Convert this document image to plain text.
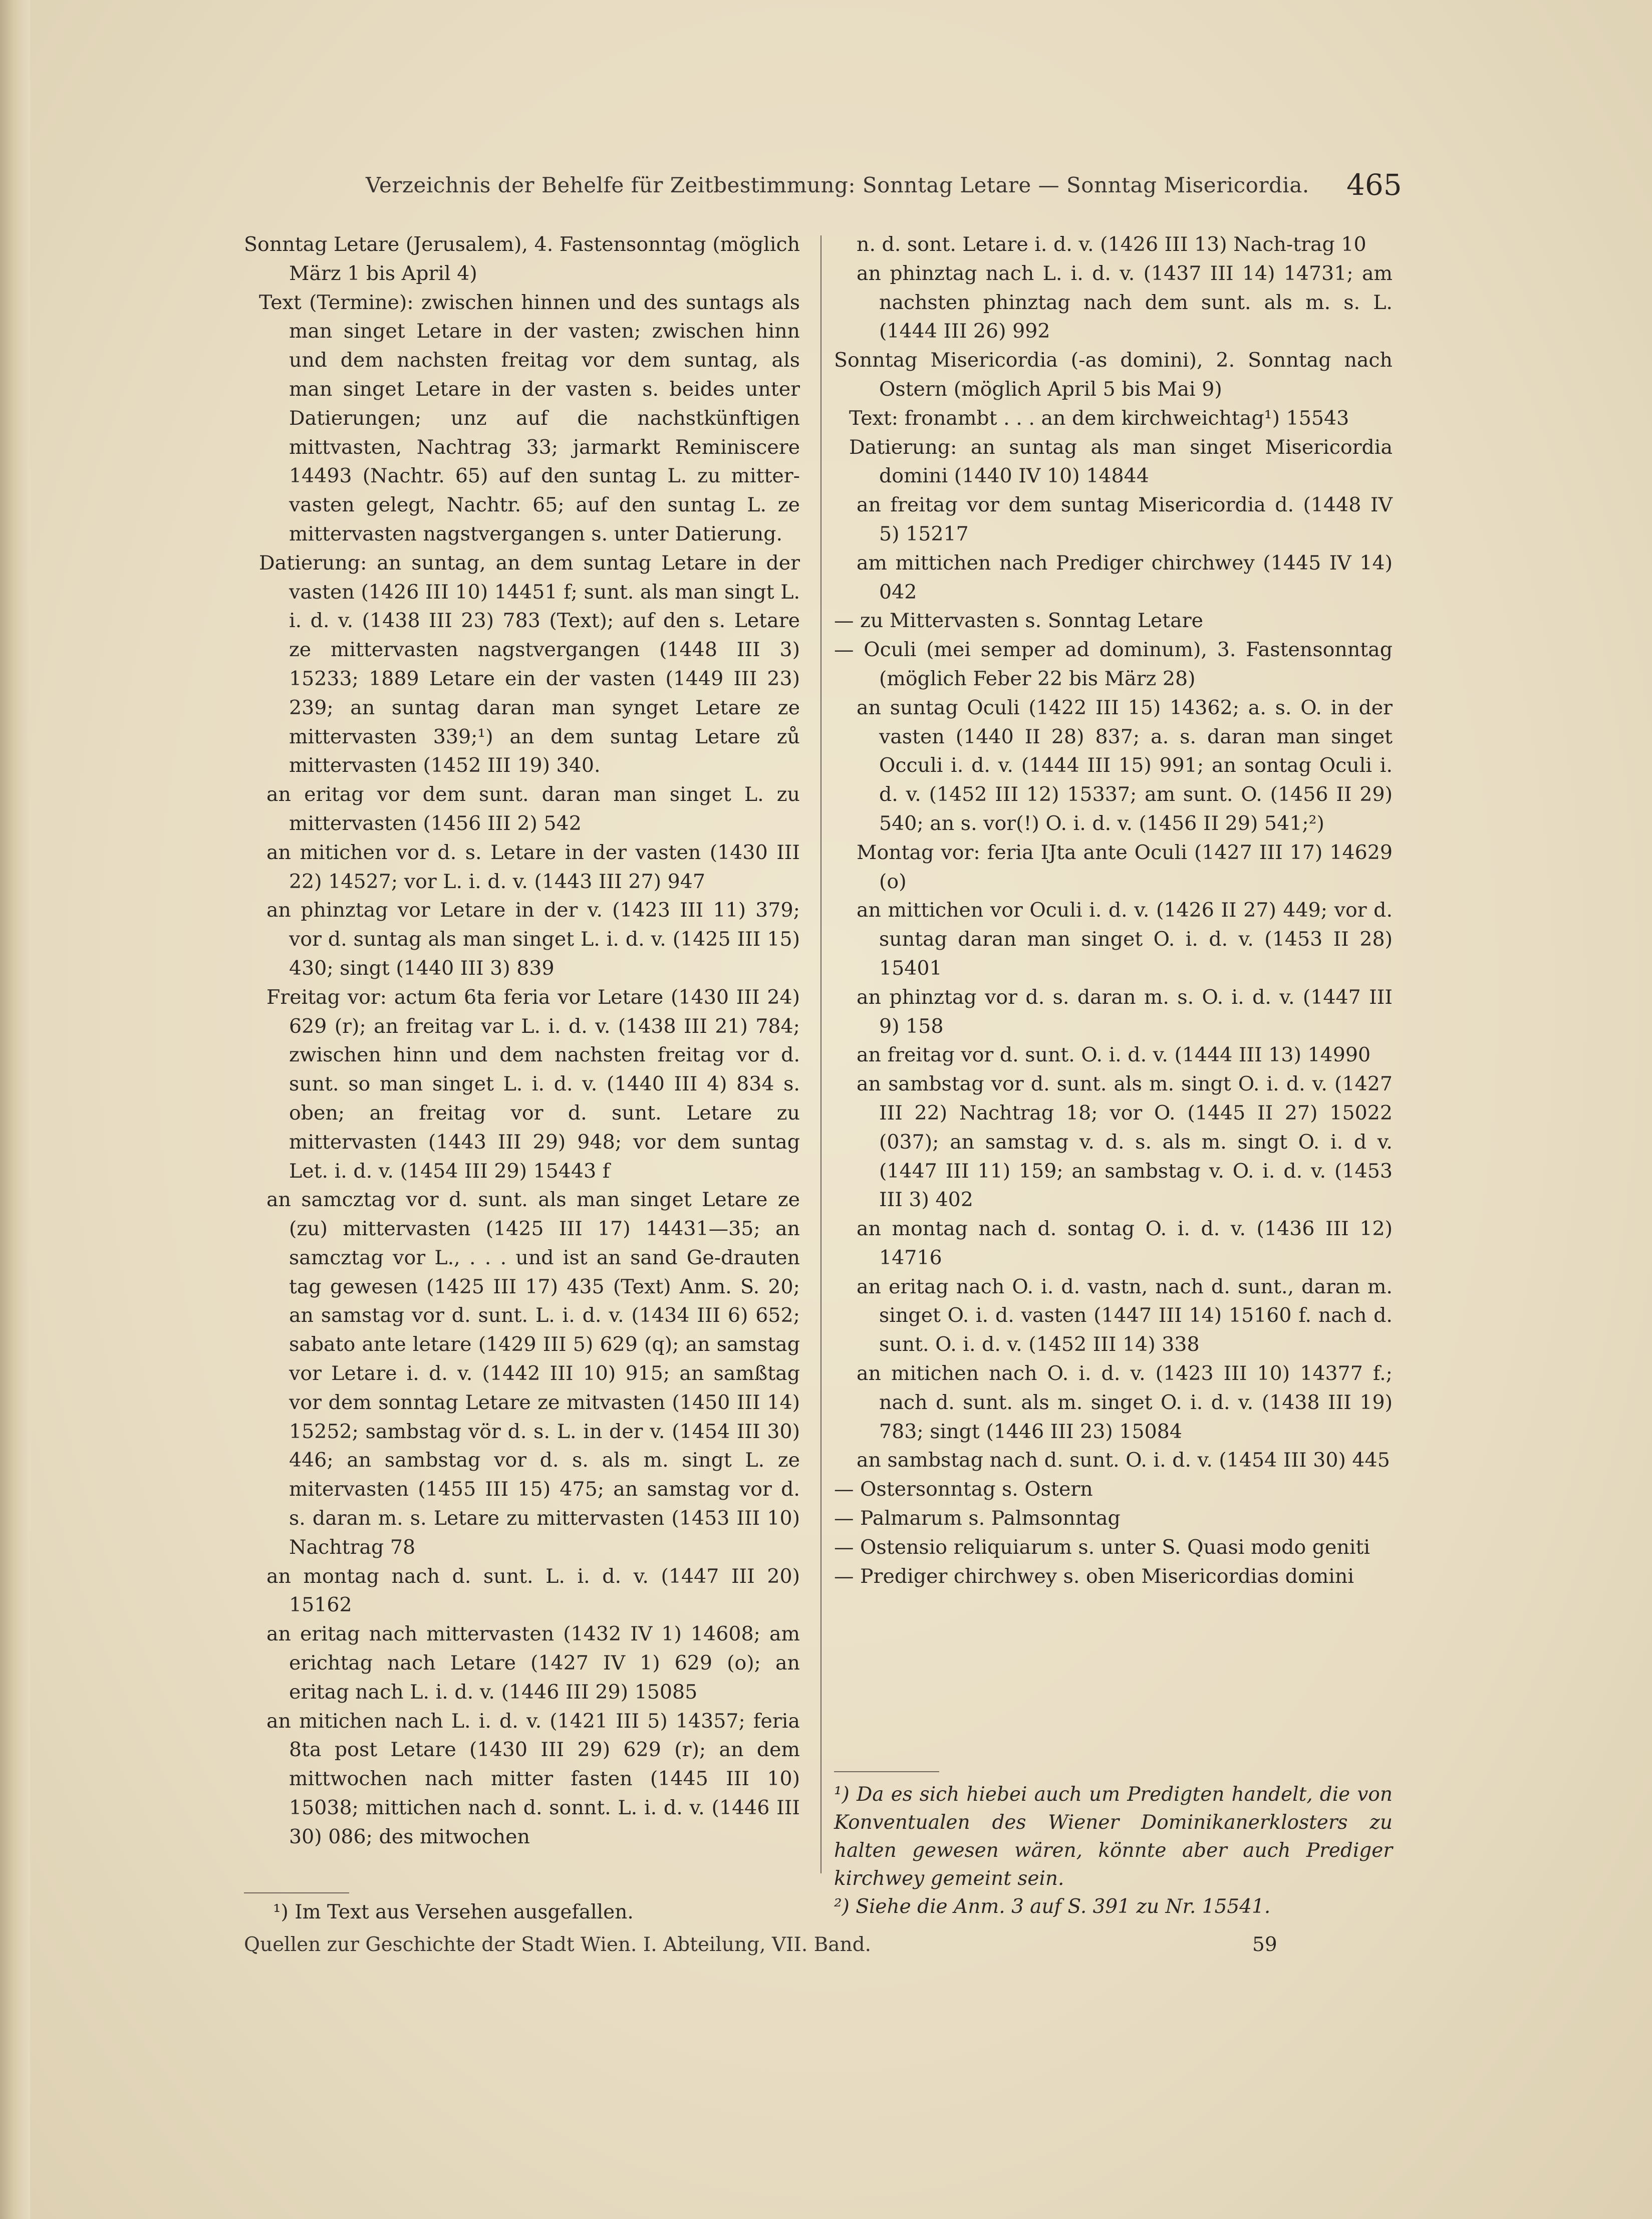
Verzeichnis der Behelfe für Zeitbestimmung: Sonntag Letare — Sonntag Misericordia.	465

Sonntag Letare (Jerusalem), 4. Fastensonntag (möglich März 1 bis April 4)

Text (Termine): zwischen hinnen und des suntags als man singet Letare in der vasten; zwischen hinn und dem nachsten freitag vor dem suntag, als man singet Letare in der vasten s. beides unter Datierungen; unz auf die nachstkünftigen mittvasten, Nachtrag 33; jarmarkt Reminiscere 14493 (Nachtr. 65) auf den suntag L. zu mitter-vasten gelegt, Nachtr. 65; auf den suntag L. ze mittervasten nagstvergangen s. unter Datierung.

Datierung: an suntag, an dem suntag Letare in der vasten (1426 III 10) 14451 f; sunt. als man singt L. i. d. v. (1438 III 23) 783 (Text); auf den s. Letare ze mittervasten nagstvergangen (1448 III 3) 15233; 1889 Letare ein der vasten (1449 III 23) 239; an suntag daran man synget Letare ze mittervasten 339;¹) an dem suntag Letare zů mittervasten (1452 III 19) 340.

an eritag vor dem sunt. daran man singet L. zu mittervasten (1456 III 2) 542

an mitichen vor d. s. Letare in der vasten (1430 III 22) 14527; vor L. i. d. v. (1443 III 27) 947

an phinztag vor Letare in der v. (1423 III 11) 379; vor d. suntag als man singet L. i. d. v. (1425 III 15) 430; singt (1440 III 3) 839

Freitag vor: actum 6ta feria vor Letare (1430 III 24) 629 (r); an freitag var L. i. d. v. (1438 III 21) 784; zwischen hinn und dem nachsten freitag vor d. sunt. so man singet L. i. d. v. (1440 III 4) 834 s. oben; an freitag vor d. sunt. Letare zu mittervasten (1443 III 29) 948; vor dem suntag Let. i. d. v. (1454 III 29) 15443 f

an samcztag vor d. sunt. als man singet Letare ze (zu) mittervasten (1425 III 17) 14431—35; an samcztag vor L., . . . und ist an sand Ge-drauten tag gewesen (1425 III 17) 435 (Text) Anm. S. 20; an samstag vor d. sunt. L. i. d. v. (1434 III 6) 652; sabato ante letare (1429 III 5) 629 (q); an samstag vor Letare i. d. v. (1442 III 10) 915; an samßtag vor dem sonntag Letare ze mitvasten (1450 III 14) 15252; sambstag vör d. s. L. in der v. (1454 III 30) 446; an sambstag vor d. s. als m. singt L. ze mitervasten (1455 III 15) 475; an samstag vor d. s. daran m. s. Letare zu mittervasten (1453 III 10) Nachtrag 78

an montag nach d. sunt. L. i. d. v. (1447 III 20) 15162

an eritag nach mittervasten (1432 IV 1) 14608; am erichtag nach Letare (1427 IV 1) 629 (o); an eritag nach L. i. d. v. (1446 III 29) 15085

an mitichen nach L. i. d. v. (1421 III 5) 14357; feria 8ta post Letare (1430 III 29) 629 (r); an dem mittwochen nach mitter fasten (1445 III 10) 15038; mittichen nach d. sonnt. L. i. d. v. (1446 III 30) 086; des mitwochen

n. d. sont. Letare i. d. v. (1426 III 13) Nach-trag 10

an phinztag nach L. i. d. v. (1437 III 14) 14731; am nachsten phinztag nach dem sunt. als m. s. L. (1444 III 26) 992

Sonntag Misericordia (-as domini), 2. Sonntag nach Ostern (möglich April 5 bis Mai 9)

Text: fronambt . . . an dem kirchweichtag¹) 15543

Datierung: an suntag als man singet Misericordia domini (1440 IV 10) 14844

an freitag vor dem suntag Misericordia d. (1448 IV 5) 15217

am mittichen nach Prediger chirchwey (1445 IV 14) 042

— zu Mittervasten s. Sonntag Letare

— Oculi (mei semper ad dominum), 3. Fastensonntag (möglich Feber 22 bis März 28)

an suntag Oculi (1422 III 15) 14362; a. s. O. in der vasten (1440 II 28) 837; a. s. daran man singet Occuli i. d. v. (1444 III 15) 991; an sontag Oculi i. d. v. (1452 III 12) 15337; am sunt. O. (1456 II 29) 540; an s. vor(!) O. i. d. v. (1456 II 29) 541;²)

Montag vor: feria IJta ante Oculi (1427 III 17) 14629 (o)

an mittichen vor Oculi i. d. v. (1426 II 27) 449; vor d. suntag daran man singet O. i. d. v. (1453 II 28) 15401

an phinztag vor d. s. daran m. s. O. i. d. v. (1447 III 9) 158

an freitag vor d. sunt. O. i. d. v. (1444 III 13) 14990

an sambstag vor d. sunt. als m. singt O. i. d. v. (1427 III 22) Nachtrag 18; vor O. (1445 II 27) 15022 (037); an samstag v. d. s. als m. singt O. i. d v. (1447 III 11) 159; an sambstag v. O. i. d. v. (1453 III 3) 402

an montag nach d. sontag O. i. d. v. (1436 III 12) 14716

an eritag nach O. i. d. vastn, nach d. sunt., daran m. singet O. i. d. vasten (1447 III 14) 15160 f. nach d. sunt. O. i. d. v. (1452 III 14) 338

an mitichen nach O. i. d. v. (1423 III 10) 14377 f.; nach d. sunt. als m. singet O. i. d. v. (1438 III 19) 783; singt (1446 III 23) 15084

an sambstag nach d. sunt. O. i. d. v. (1454 III 30) 445

— Ostersonntag s. Ostern

— Palmarum s. Palmsonntag

— Ostensio reliquiarum s. unter S. Quasi modo geniti

— Prediger chirchwey s. oben Misericordias domini

¹) Im Text aus Versehen ausgefallen.

¹) Da es sich hiebei auch um Predigten handelt, die von Konventualen des Wiener Dominikanerklosters zu halten gewesen wären, könnte aber auch Prediger kirchwey gemeint sein.

²) Siehe die Anm. 3 auf S. 391 zu Nr. 15541.

Quellen zur Geschichte der Stadt Wien. I. Abteilung, VII. Band.	59
